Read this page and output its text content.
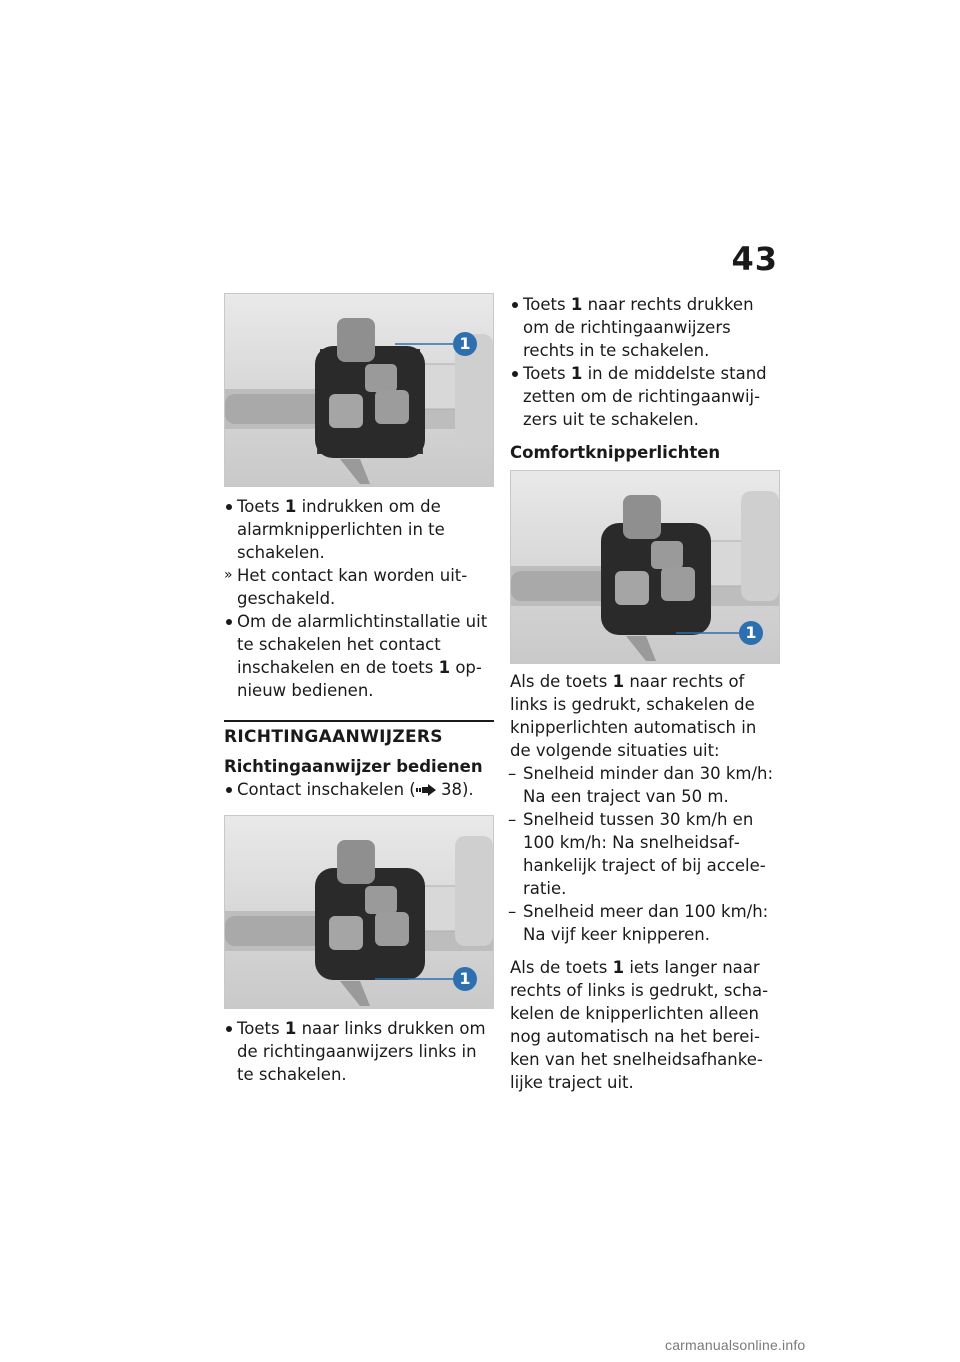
43
1

Toets 1 indrukken om de alarmknipperlichten in te schakelen.

» Het contact kan worden uitgeschakeld.

Om de alarmlichtinstallatie uit te schakelen het contact inschakelen en de toets 1 opnieuw bedienen.

RICHTINGAANWIJZERS

Richtingaanwijzer bedienen

Contact inschakelen ( 38).

1

Toets 1 naar links drukken om de richtingaanwijzers links in te schakelen.

Toets 1 naar rechts drukken om de richtingaanwijzers rechts in te schakelen.

Toets 1 in de middelste stand zetten om de richtingaanwijzers uit te schakelen.

Comfortknipperlichten

1

Als de toets 1 naar rechts of links is gedrukt, schakelen de knipperlichten automatisch in de volgende situaties uit:

– Snelheid minder dan 30 km/h: Na een traject van 50 m.

– Snelheid tussen 30 km/h en 100 km/h: Na snelheidsafhankelijk traject of bij acceleratie.

– Snelheid meer dan 100 km/h: Na vijf keer knipperen.

Als de toets 1 iets langer naar rechts of links is gedrukt, schakelen de knipperlichten alleen nog automatisch na het bereiken van het snelheidsafhankelijke traject uit.

carmanualsonline.info
